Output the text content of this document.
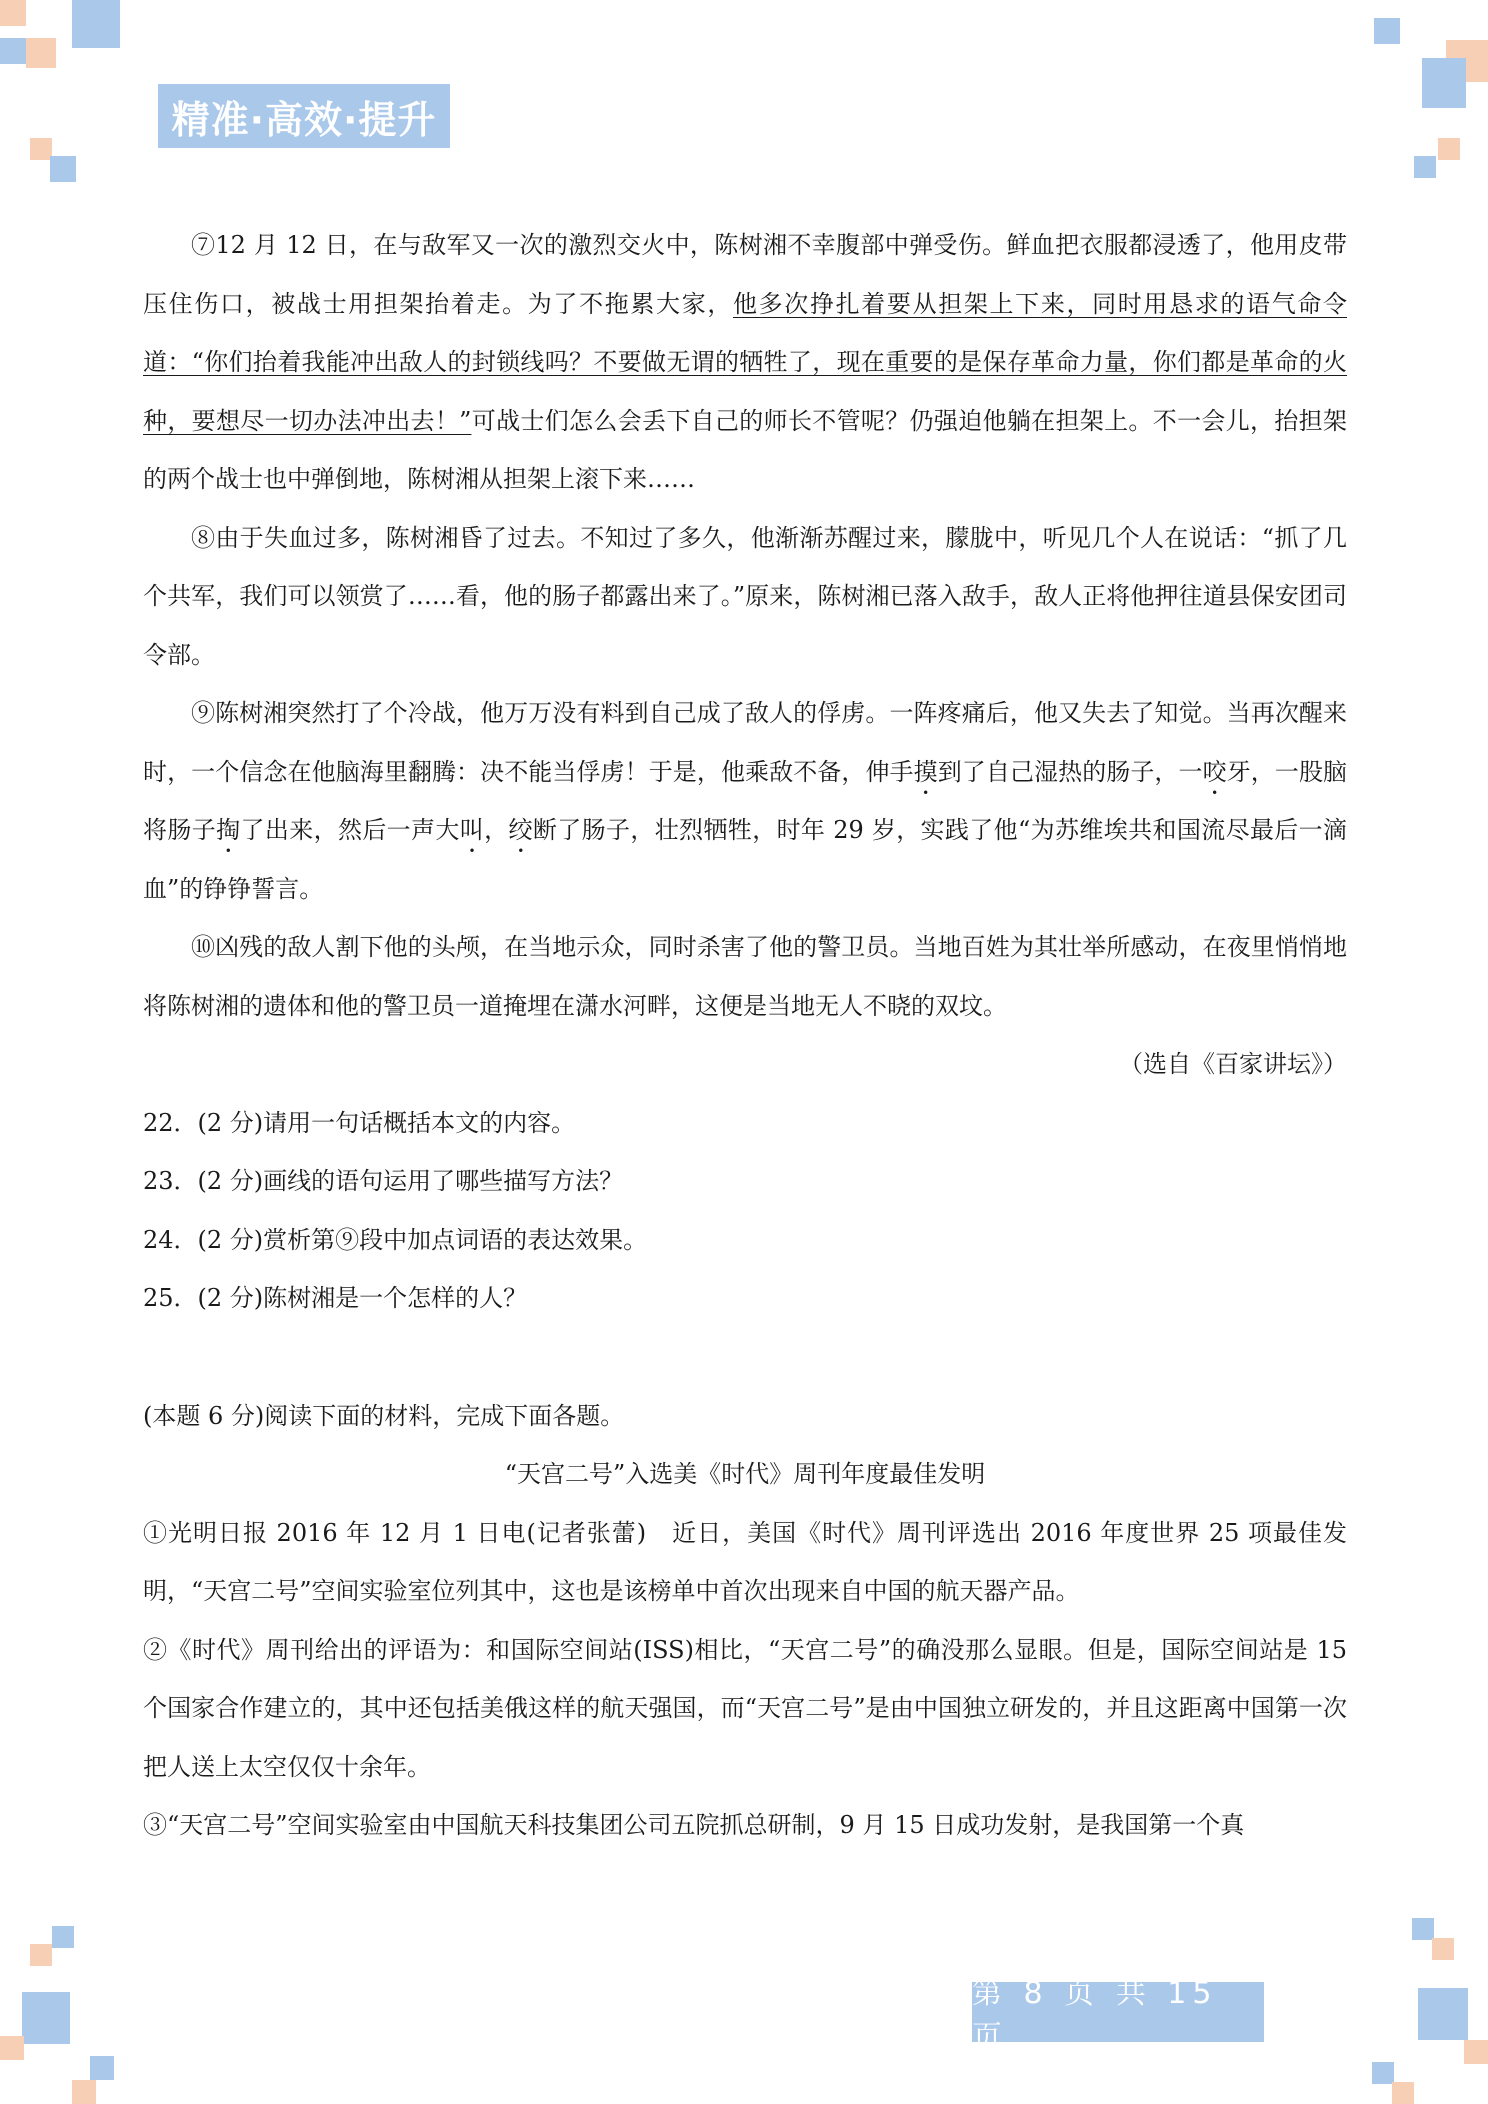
精准·高效·提升

⑦12 月 12 日，在与敌军又一次的激烈交火中，陈树湘不幸腹部中弹受伤。鲜血把衣服都浸透了，他用皮带压住伤口，被战士用担架抬着走。为了不拖累大家，他多次挣扎着要从担架上下来，同时用恳求的语气命令道：“你们抬着我能冲出敌人的封锁线吗？不要做无谓的牺牲了，现在重要的是保存革命力量，你们都是革命的火种，要想尽一切办法冲出去！”可战士们怎么会丢下自己的师长不管呢？仍强迫他躺在担架上。不一会儿，抬担架的两个战士也中弹倒地，陈树湘从担架上滚下来……

⑧由于失血过多，陈树湘昏了过去。不知过了多久，他渐渐苏醒过来，朦胧中，听见几个人在说话：“抓了几个共军，我们可以领赏了……看，他的肠子都露出来了。”原来，陈树湘已落入敌手，敌人正将他押往道县保安团司令部。

⑨陈树湘突然打了个冷战，他万万没有料到自己成了敌人的俘虏。一阵疼痛后，他又失去了知觉。当再次醒来时，一个信念在他脑海里翻腾：决不能当俘虏！于是，他乘敌不备，伸手摸到了自己湿热的肠子，一咬牙，一股脑将肠子掏了出来，然后一声大叫，绞断了肠子，壮烈牺牲，时年 29 岁，实践了他“为苏维埃共和国流尽最后一滴血”的铮铮誓言。

⑩凶残的敌人割下他的头颅，在当地示众，同时杀害了他的警卫员。当地百姓为其壮举所感动，在夜里悄悄地将陈树湘的遗体和他的警卫员一道掩埋在潇水河畔，这便是当地无人不晓的双坟。

（选自《百家讲坛》）

22．(2 分)请用一句话概括本文的内容。

23．(2 分)画线的语句运用了哪些描写方法？

24．(2 分)赏析第⑨段中加点词语的表达效果。

25．(2 分)陈树湘是一个怎样的人？

(本题 6 分)阅读下面的材料，完成下面各题。

“天宫二号”入选美《时代》周刊年度最佳发明

①光明日报 2016 年 12 月 1 日电(记者张蕾)　近日，美国《时代》周刊评选出 2016 年度世界 25 项最佳发明，“天宫二号”空间实验室位列其中，这也是该榜单中首次出现来自中国的航天器产品。

②《时代》周刊给出的评语为：和国际空间站(ISS)相比，“天宫二号”的确没那么显眼。但是，国际空间站是 15 个国家合作建立的，其中还包括美俄这样的航天强国，而“天宫二号”是由中国独立研发的，并且这距离中国第一次把人送上太空仅仅十余年。

③“天宫二号”空间实验室由中国航天科技集团公司五院抓总研制，9 月 15 日成功发射，是我国第一个真

第 8 页 共 15 页
